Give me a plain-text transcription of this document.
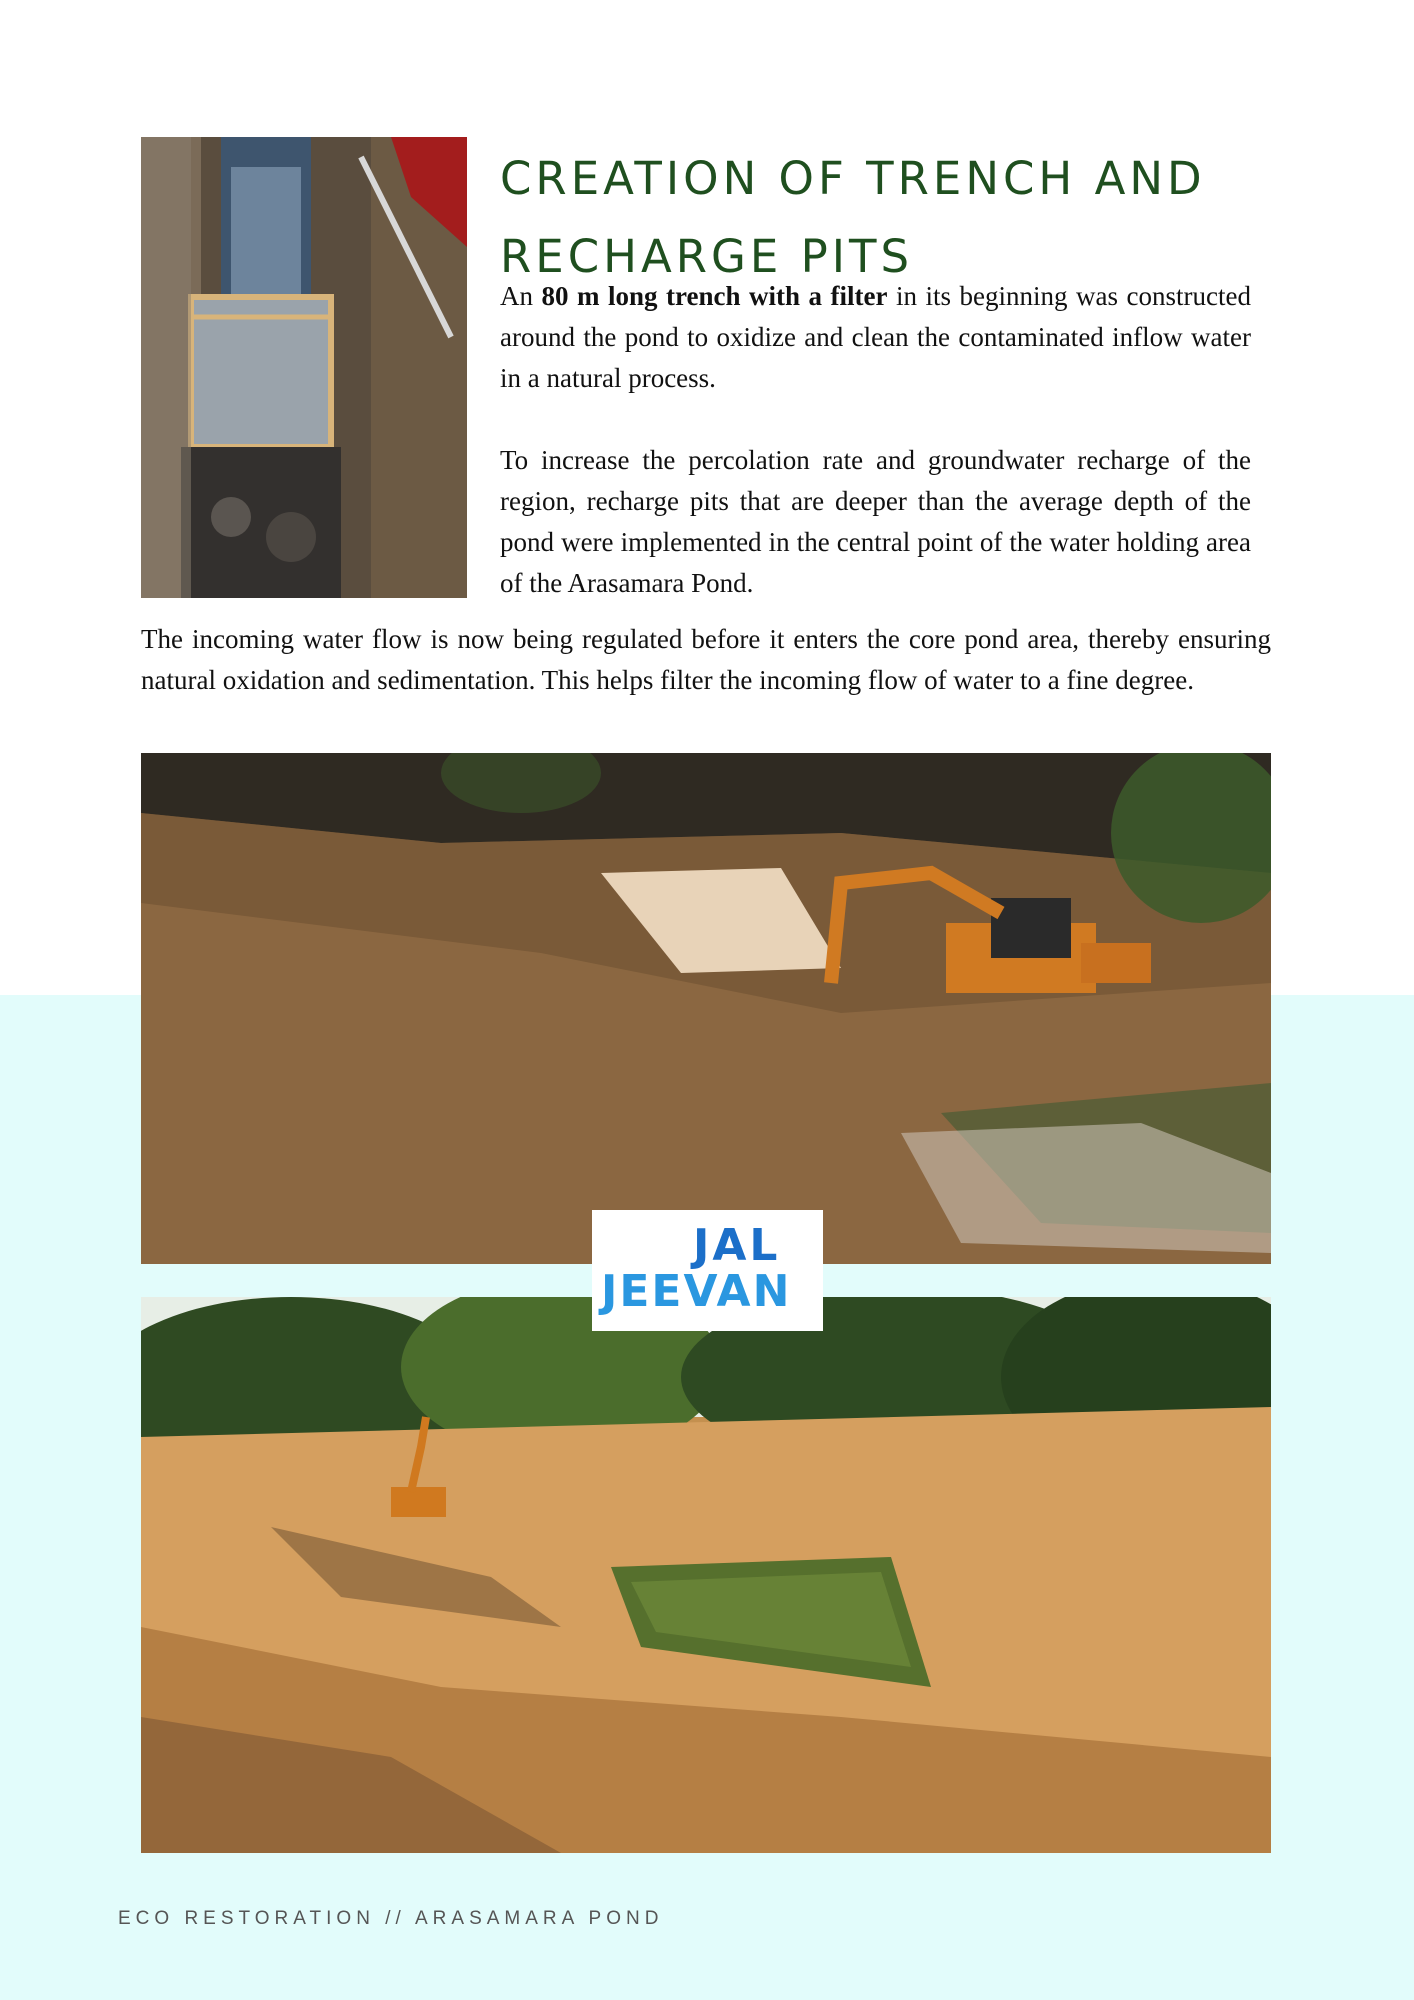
CREATION OF TRENCH AND RECHARGE PITS

An 80 m long trench with a filter in its beginning was constructed around the pond to oxidize and clean the contaminated inflow water in a natural process.

To increase the percolation rate and groundwater recharge of the region, recharge pits that are deeper than the average depth of the pond were implemented in the central point of the water holding area of the Arasamara Pond.

The incoming water flow is now being regulated before it enters the core pond area, thereby ensuring natural oxidation and sedimentation. This helps filter the incoming flow of water to a fine degree.

JAL
JEEVAN
ECO RESTORATION // ARASAMARA POND
